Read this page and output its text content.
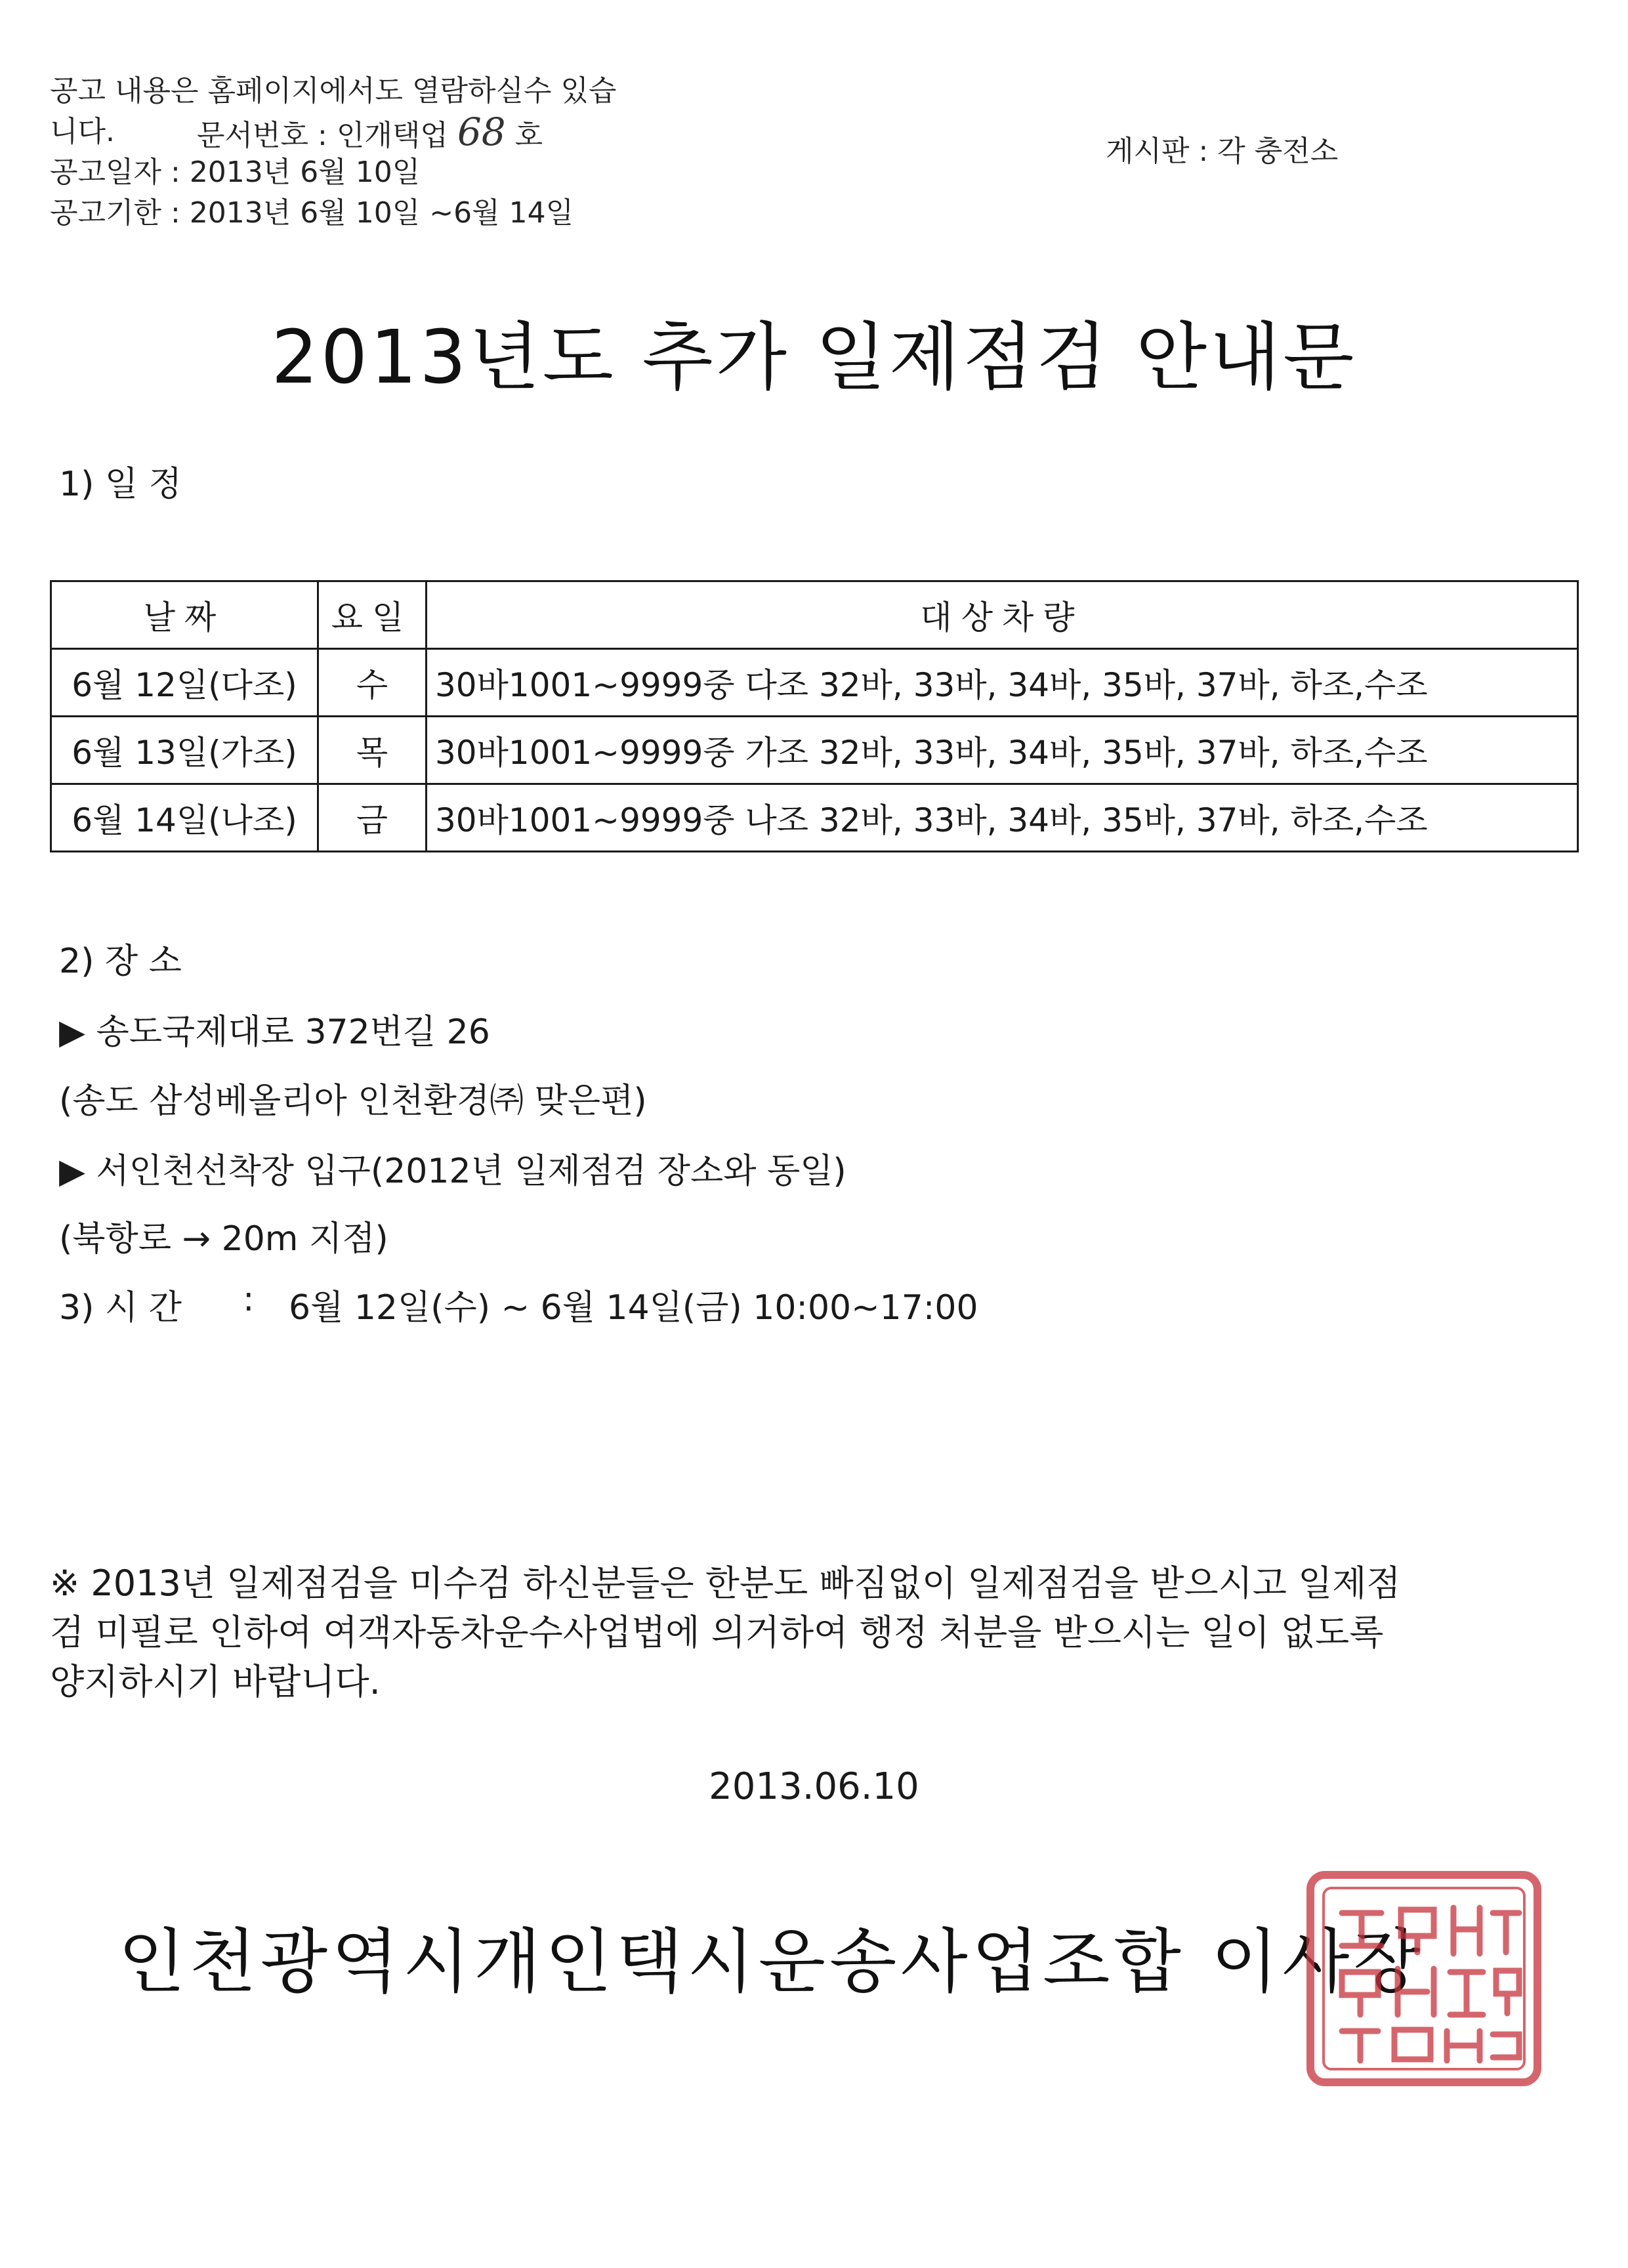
공고 내용은 홈페이지에서도 열람하실수 있습
니다.	문서번호 : 인개택업 68 호
공고일자 : 2013년 6월 10일
공고기한 : 2013년 6월 10일 ~6월 14일
게시판 : 각 충전소
2013년도 추가 일제점검 안내문
1) 일 정
날짜	요일	대상차량
6월 12일(다조)	수	30바1001~9999중 다조 32바, 33바, 34바, 35바, 37바, 하조,수조
6월 13일(가조)	목	30바1001~9999중 가조 32바, 33바, 34바, 35바, 37바, 하조,수조
6월 14일(나조)	금	30바1001~9999중 나조 32바, 33바, 34바, 35바, 37바, 하조,수조
2) 장 소
▶ 송도국제대로 372번길 26
(송도 삼성베올리아 인천환경㈜ 맞은편)
▶ 서인천선착장 입구(2012년 일제점검 장소와 동일)
(북항로 → 20m 지점)
3) 시 간 : 6월 12일(수) ~ 6월 14일(금) 10:00~17:00
※ 2013년 일제점검을 미수검 하신분들은 한분도 빠짐없이 일제점검을 받으시고 일제점
검 미필로 인하여 여객자동차운수사업법에 의거하여 행정 처분을 받으시는 일이 없도록
양지하시기 바랍니다.
2013.06.10
인천광역시개인택시운송사업조합 이사장
